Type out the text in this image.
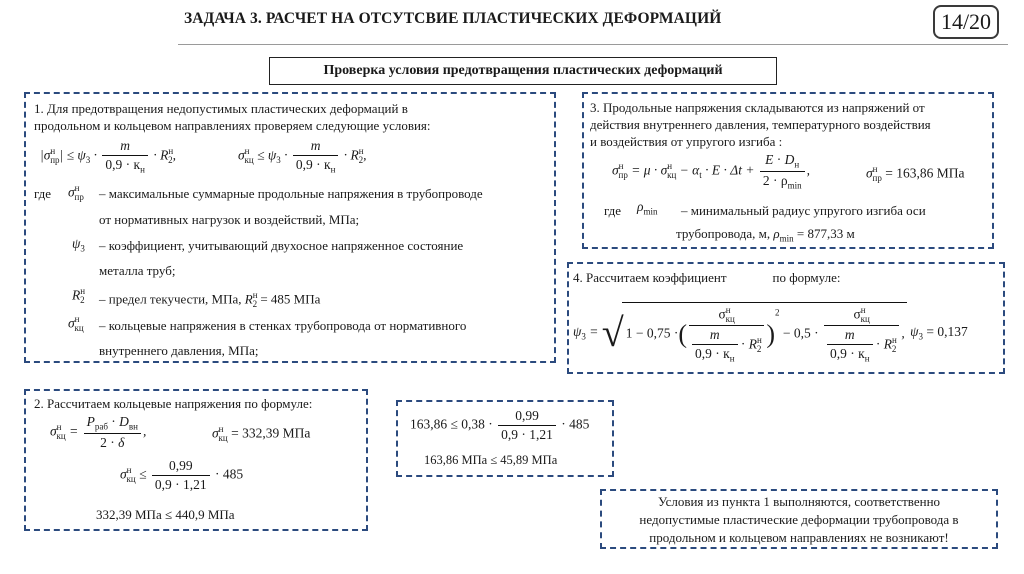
ЗАДАЧА 3. РАСЧЕТ НА ОТСУТСВИЕ ПЛАСТИЧЕСКИХ ДЕФОРМАЦИЙ	14/20
Проверка условия предотвращения пластических деформаций
1. Для предотвращения недопустимых пластических деформаций в
продольном и кольцевом направлениях проверяем следующие условия:
$|\sigma^н_{пр}| \le \psi_3 \cdot \frac{m}{0,9 \cdot к_н} \cdot R^н_2$,	$\sigma^н_{кц} \le \psi_3 \cdot \frac{m}{0,9 \cdot к_н} \cdot R^н_2$,
где $\sigma^н_{пр}$ – максимальные суммарные продольные напряжения в трубопроводе
от нормативных нагрузок и воздействий, МПа;
$\psi_3$ – коэффициент, учитывающий двухосное напряженное состояние
металла труб;
$R^н_2$ – предел текучести, МПа, $R^н_2 = 485$ МПа
$\sigma^н_{кц}$ – кольцевые напряжения в стенках трубопровода от нормативного
внутреннего давления, МПа;
2. Рассчитаем кольцевые напряжения по формуле:
$\sigma^н_{кц} = \frac{P_{раб} \cdot D_{вн}}{2 \cdot \delta}$ ,	$\sigma^н_{кц} = 332,39$ МПа
$\sigma^н_{кц} \le \frac{0,99}{0,9 \cdot 1,21} \cdot 485$
332,39 МПа ≤ 440,9 МПа
3. Продольные напряжения складываются из напряжений от
действия внутреннего давления, температурного воздействия
и воздействия от упругого изгиба :
$\sigma^н_{пр} = \mu \cdot \sigma^н_{кц} - \alpha_t \cdot E \cdot \Delta t + \frac{E \cdot D_н}{2 \cdot \rho_{min}}$ ,	$\sigma^н_{пр} = 163,86$ МПа
где $\rho_{min}$ – минимальный радиус упругого изгиба оси
трубопровода, м, $\rho_{min} = 877,33$ м
4. Рассчитаем коэффициент	по формуле:
$\psi_3$ = √ 1 − 0,75 ·( $\frac{\sigma^н_{кц}}{\frac{m}{0,9 \cdot к_н} \cdot R^н_2} )^2 - 0,5 \cdot \frac{\sigma^н_{кц}}{\frac{m}{0,9 \cdot к_н} \cdot R^н_2}$ , $\psi_3 = 0,137$
$163,86 \le 0,38 \cdot \frac{0,99}{0,9 \cdot 1,21} \cdot 485$
163,86 МПа ≤ 45,89 МПа
Условия из пункта 1 выполняются, соответственно
недопустимые пластические деформации трубопровода в
продольном и кольцевом направлениях не возникают!
